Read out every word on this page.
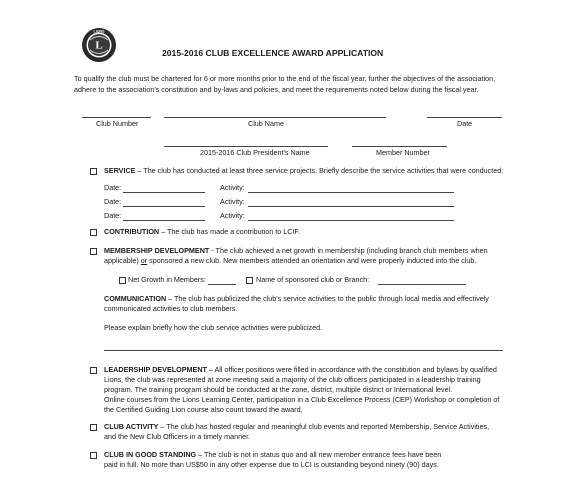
L
LIONS
2015-2016 CLUB EXCELLENCE AWARD APPLICATION
To qualify the club must be chartered for 6 or more months prior to the end of the fiscal year, further the objectives of the association,
adhere to the association's constitution and by-laws and policies, and meet the requirements noted below during the fiscal year.
Club Number	Club Name	Date
2015-2016 Club President's Name	Member Number
SERVICE – The club has conducted at least three service projects. Briefly describe the service activities that were conducted:
Date:	Activity:
Date:	Activity:
Date:	Activity:
CONTRIBUTION – The club has made a contribution to LCIF.
MEMBERSHIP DEVELOPMENT - The club achieved a net growth in membership (including branch club members when
applicable) or sponsored a new club. New members attended an orientation and were properly inducted into the club.
Net Growth in Members:	Name of sponsored club or Branch:
COMMUNICATION – The club has publicized the club's service activities to the public through local media and effectively
communicated activities to club members.
Please explain briefly how the club service activities were publicized.
LEADERSHIP DEVELOPMENT – All officer positions were filled in accordance with the constitution and bylaws by qualified
Lions, the club was represented at zone meeting said a majority of the club officers participated in a leadership training
program. The training program should be conducted at the zone, district, multiple district or International level.
Online courses from the Lions Learning Center, participation in a Club Excellence Process (CEP) Workshop or completion of
the Certified Guiding Lion course also count toward the award.
CLUB ACTIVITY – The club has hosted regular and meaningful club events and reported Membership, Service Activities,
and the New Club Officers in a timely manner.
CLUB IN GOOD STANDING – The club is not in status quo and all new member entrance fees have been
paid in full. No more than US$50 in any other expense due to LCI is outstanding beyond ninety (90) days.
